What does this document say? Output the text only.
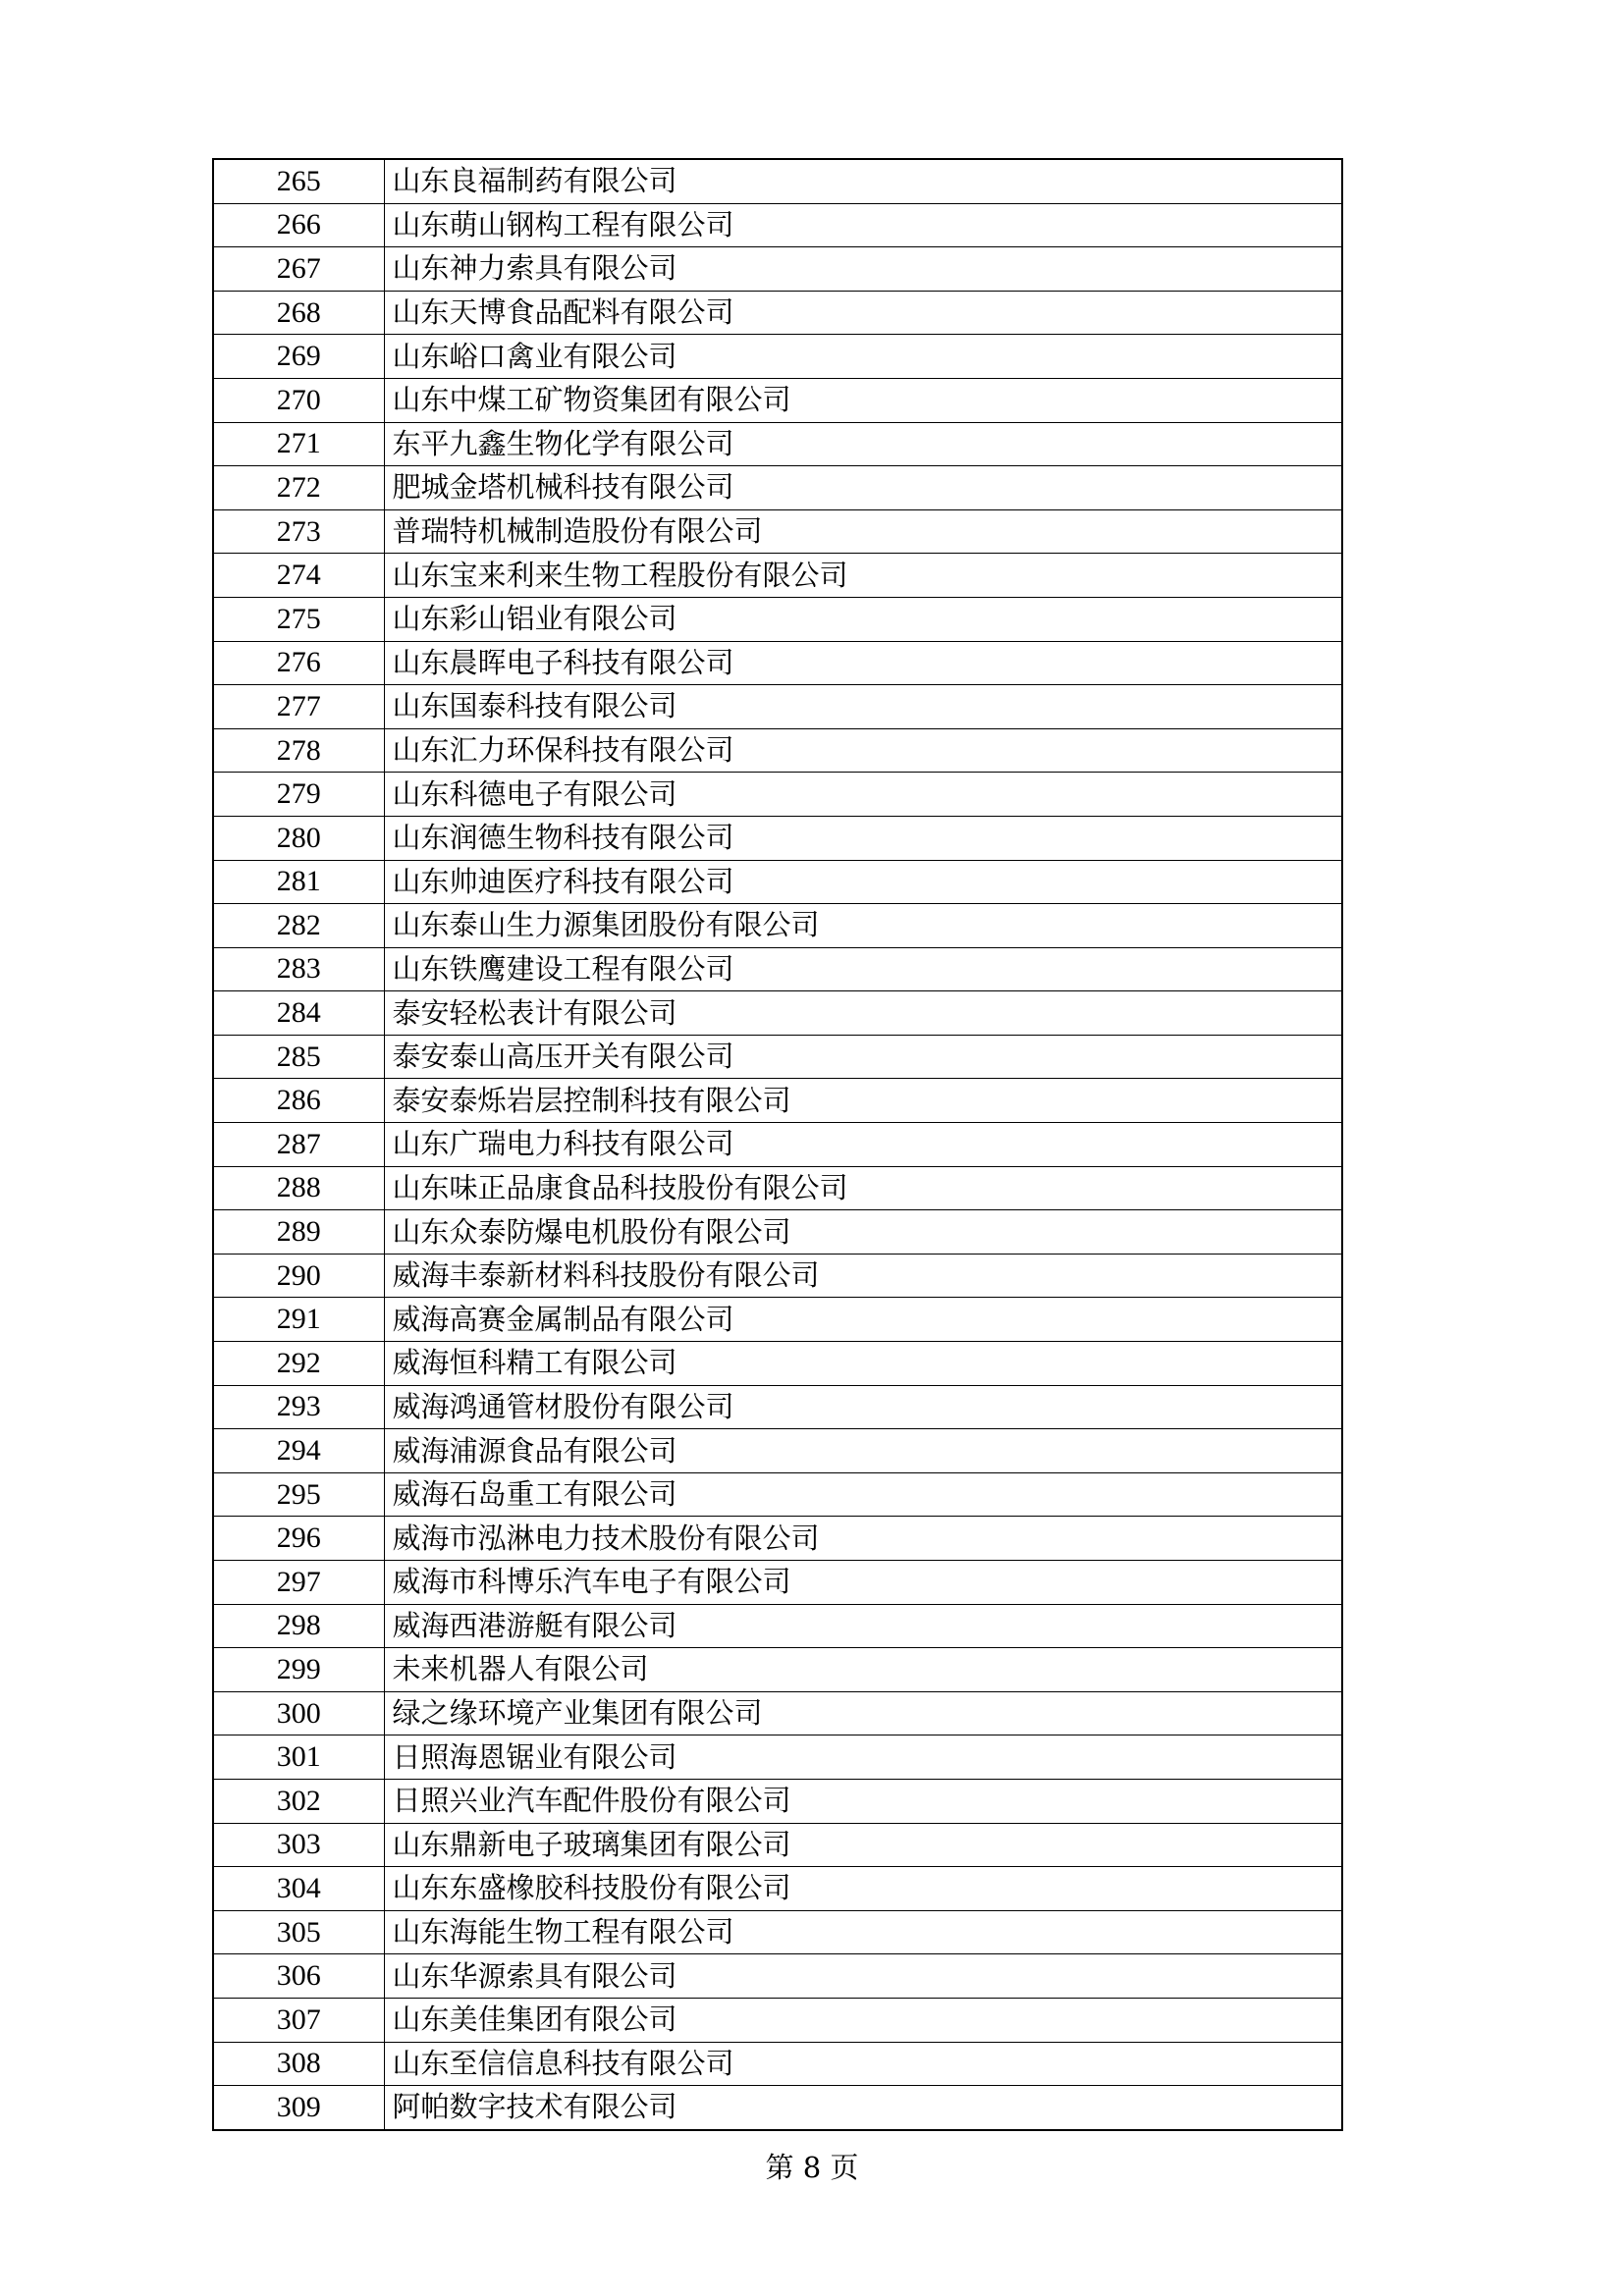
265	山东良福制药有限公司
266	山东萌山钢构工程有限公司
267	山东神力索具有限公司
268	山东天博食品配料有限公司
269	山东峪口禽业有限公司
270	山东中煤工矿物资集团有限公司
271	东平九鑫生物化学有限公司
272	肥城金塔机械科技有限公司
273	普瑞特机械制造股份有限公司
274	山东宝来利来生物工程股份有限公司
275	山东彩山铝业有限公司
276	山东晨晖电子科技有限公司
277	山东国泰科技有限公司
278	山东汇力环保科技有限公司
279	山东科德电子有限公司
280	山东润德生物科技有限公司
281	山东帅迪医疗科技有限公司
282	山东泰山生力源集团股份有限公司
283	山东铁鹰建设工程有限公司
284	泰安轻松表计有限公司
285	泰安泰山高压开关有限公司
286	泰安泰烁岩层控制科技有限公司
287	山东广瑞电力科技有限公司
288	山东味正品康食品科技股份有限公司
289	山东众泰防爆电机股份有限公司
290	威海丰泰新材料科技股份有限公司
291	威海高赛金属制品有限公司
292	威海恒科精工有限公司
293	威海鸿通管材股份有限公司
294	威海浦源食品有限公司
295	威海石岛重工有限公司
296	威海市泓淋电力技术股份有限公司
297	威海市科博乐汽车电子有限公司
298	威海西港游艇有限公司
299	未来机器人有限公司
300	绿之缘环境产业集团有限公司
301	日照海恩锯业有限公司
302	日照兴业汽车配件股份有限公司
303	山东鼎新电子玻璃集团有限公司
304	山东东盛橡胶科技股份有限公司
305	山东海能生物工程有限公司
306	山东华源索具有限公司
307	山东美佳集团有限公司
308	山东至信信息科技有限公司
309	阿帕数字技术有限公司
第 8 页
